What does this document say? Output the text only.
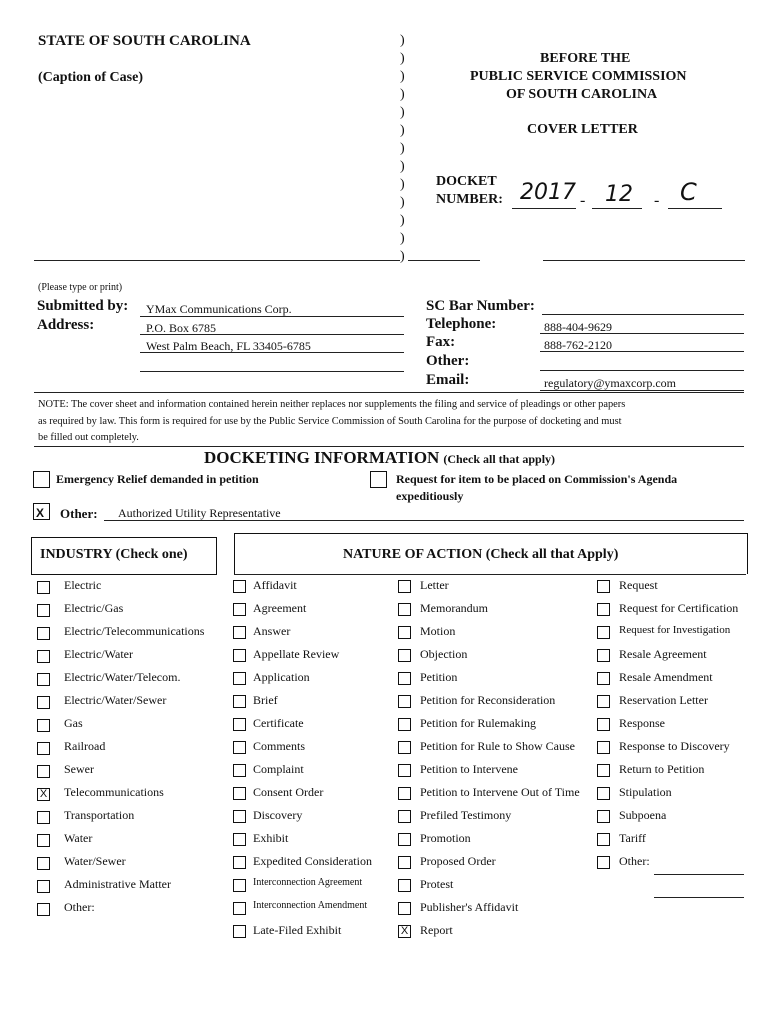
STATE OF SOUTH CAROLINA
(Caption of Case)
)
)
)
)
)
)
)
)
)
)
)
)
)
BEFORE THE
PUBLIC SERVICE COMMISSION
OF SOUTH CAROLINA
COVER LETTER
DOCKET
NUMBER: 2017 - 12 - C
(Please type or print)
Submitted by: YMax Communications Corp.
Address:	P.O. Box 6785
West Palm Beach, FL 33405-6785
SC Bar Number:
Telephone:	888-404-9629
Fax:	888-762-2120
Other:
Email:	regulatory@ymaxcorp.com
NOTE: The cover sheet and information contained herein neither replaces nor supplements the filing and service of pleadings or other papers
as required by law. This form is required for use by the Public Service Commission of South Carolina for the purpose of docketing and must
be filled out completely.
DOCKETING INFORMATION (Check all that apply)
Emergency Relief demanded in petition	Request for item to be placed on Commission's Agenda
expeditiously
X Other: Authorized Utility Representative
INDUSTRY (Check one)	NATURE OF ACTION (Check all that Apply)
Electric
Electric/Gas
Electric/Telecommunications
Electric/Water
Electric/Water/Telecom.
Electric/Water/Sewer
Gas
Railroad
Sewer
X Telecommunications
Transportation
Water
Water/Sewer
Administrative Matter
Other:
Affidavit
Agreement
Answer
Appellate Review
Application
Brief
Certificate
Comments
Complaint
Consent Order
Discovery
Exhibit
Expedited Consideration
Interconnection Agreement
Interconnection Amendment
Late-Filed Exhibit
Letter
Memorandum
Motion
Objection
Petition
Petition for Reconsideration
Petition for Rulemaking
Petition for Rule to Show Cause
Petition to Intervene
Petition to Intervene Out of Time
Prefiled Testimony
Promotion
Proposed Order
Protest
Publisher's Affidavit
X Report
Request
Request for Certification
Request for Investigation
Resale Agreement
Resale Amendment
Reservation Letter
Response
Response to Discovery
Return to Petition
Stipulation
Subpoena
Tariff
Other:
